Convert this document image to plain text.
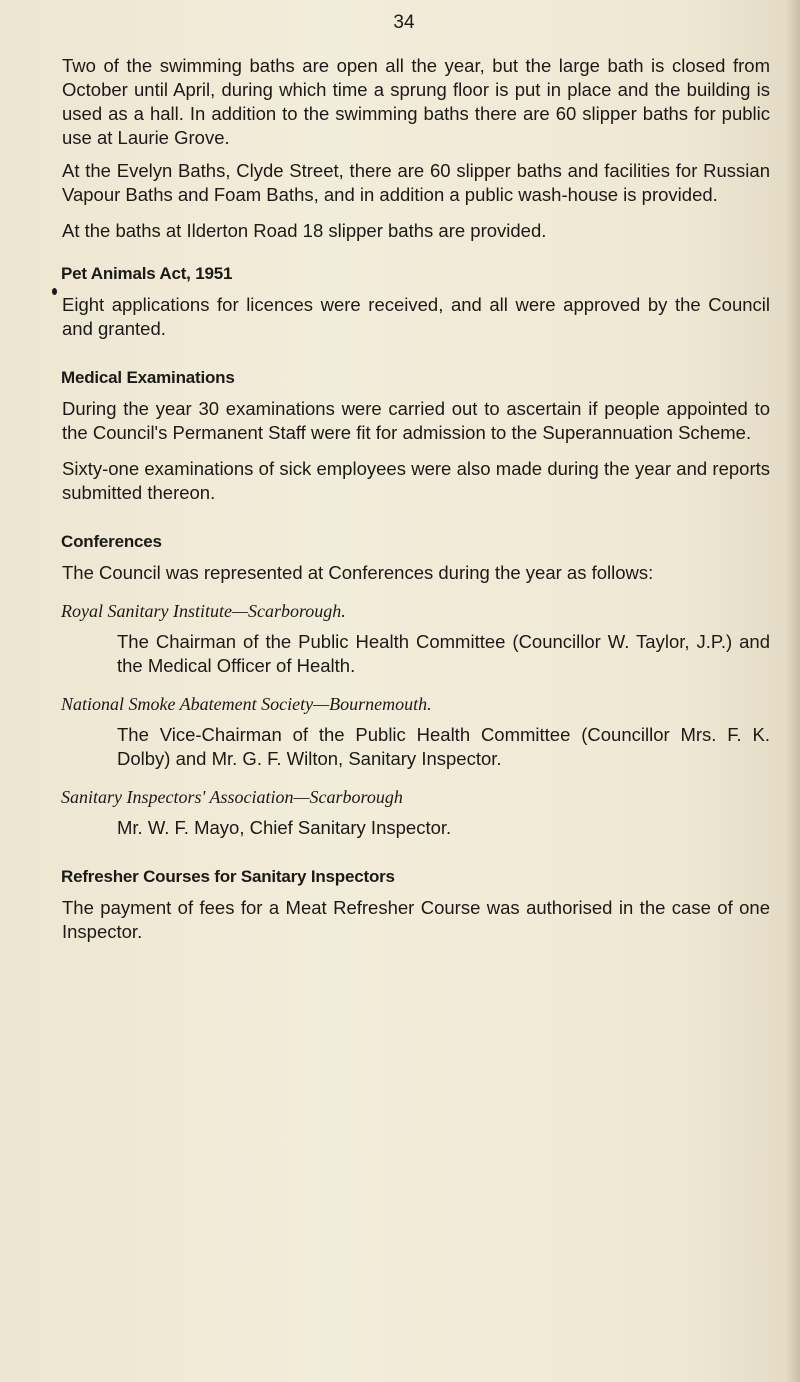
34

Two of the swimming baths are open all the year, but the large bath is closed from October until April, during which time a sprung floor is put in place and the building is used as a hall. In addition to the swimming baths there are 60 slipper baths for public use at Laurie Grove.

At the Evelyn Baths, Clyde Street, there are 60 slipper baths and facilities for Russian Vapour Baths and Foam Baths, and in addition a public wash-house is provided.

At the baths at Ilderton Road 18 slipper baths are provided.

Pet Animals Act, 1951

Eight applications for licences were received, and all were approved by the Council and granted.

Medical Examinations

During the year 30 examinations were carried out to ascertain if people appointed to the Council's Permanent Staff were fit for admission to the Superannuation Scheme.

Sixty-one examinations of sick employees were also made during the year and reports submitted thereon.

Conferences

The Council was represented at Conferences during the year as follows:

Royal Sanitary Institute—Scarborough.

The Chairman of the Public Health Committee (Councillor W. Taylor, J.P.) and the Medical Officer of Health.

National Smoke Abatement Society—Bournemouth.

The Vice-Chairman of the Public Health Committee (Councillor Mrs. F. K. Dolby) and Mr. G. F. Wilton, Sanitary Inspector.

Sanitary Inspectors' Association—Scarborough

Mr. W. F. Mayo, Chief Sanitary Inspector.

Refresher Courses for Sanitary Inspectors

The payment of fees for a Meat Refresher Course was authorised in the case of one Inspector.
